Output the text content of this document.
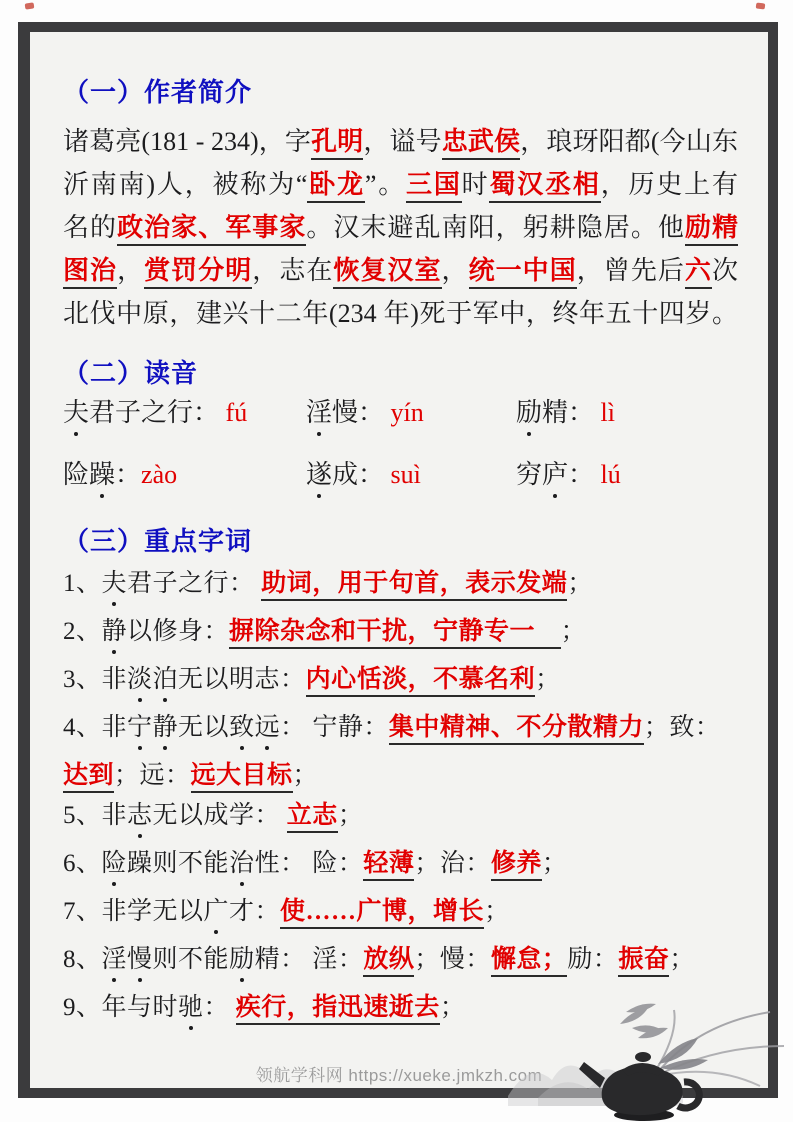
（一）作者简介
诸葛亮(181 - 234)，字孔明，谥号忠武侯，琅玡阳都(今山东
沂南南)人，被称为“卧龙”。三国时蜀汉丞相，历史上有
名的政治家、军事家。汉末避乱南阳，躬耕隐居。他励精
图治，赏罚分明，志在恢复汉室，统一中国，曾先后六次
北伐中原，建兴十二年(234 年)死于军中，终年五十四岁。
（二）读音
夫君子之行： fú	淫慢： yín	励精： lì
险躁：zào	遂成： suì	穷庐： lú
（三）重点字词
1、夫君子之行： 助词，用于句首，表示发端；
2、静以修身：摒除杂念和干扰，宁静专一　；
3、非淡泊无以明志：内心恬淡，不慕名利；
4、非宁静无以致远： 宁静：集中精神、不分散精力；致：
达到；远：远大目标；
5、非志无以成学： 立志；
6、险躁则不能治性： 险：轻薄；治：修养；
7、非学无以广才：使……广博，增长；
8、淫慢则不能励精： 淫：放纵；慢：懈怠；励：振奋；
9、年与时驰： 疾行，指迅速逝去；
领航学科网 https://xueke.jmkzh.com
